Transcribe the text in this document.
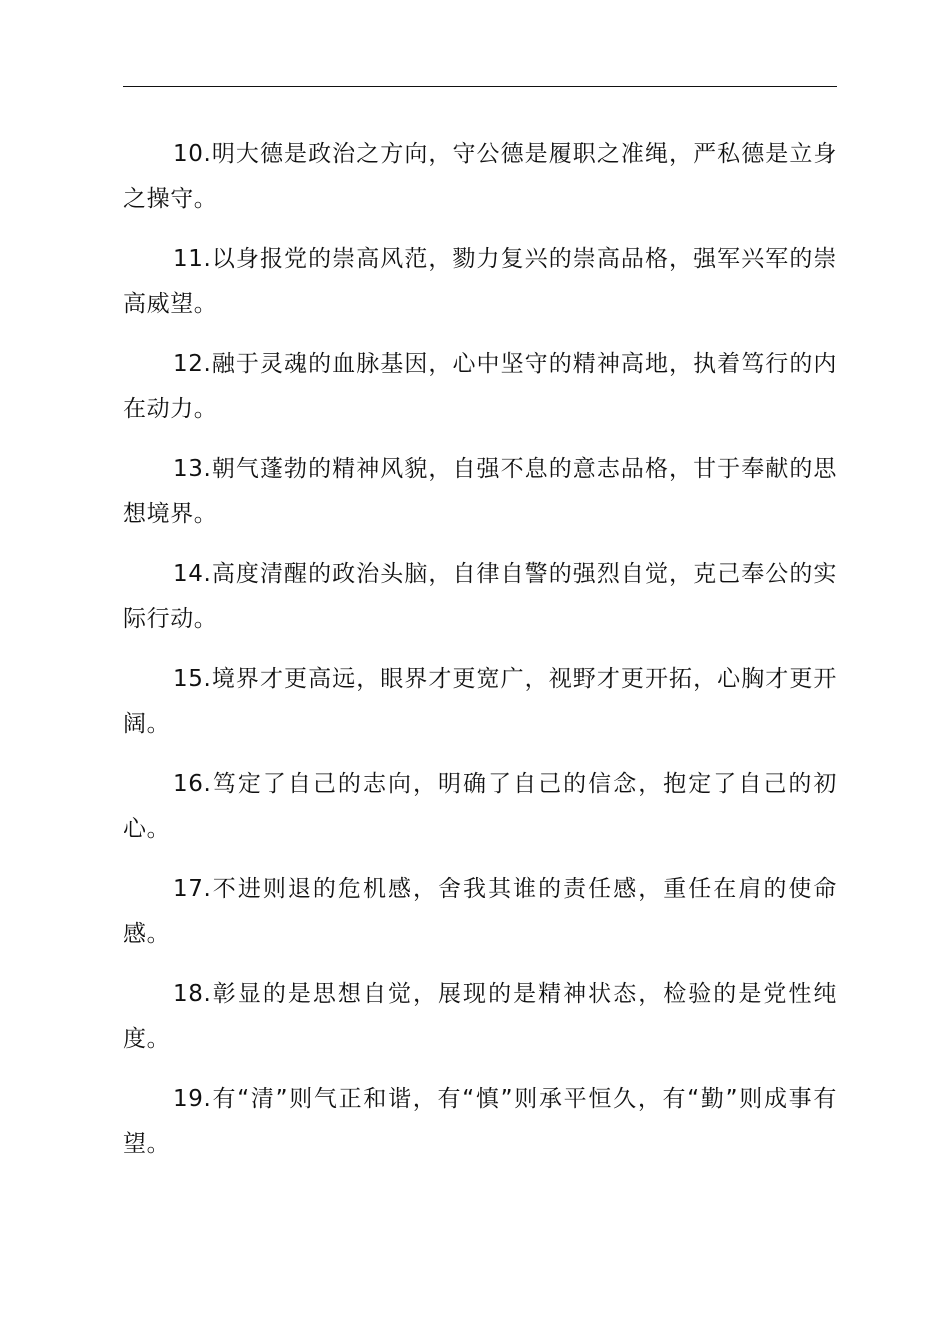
10.明大德是政治之方向，守公德是履职之准绳，严私德是立身之操守。

11.以身报党的崇高风范，勠力复兴的崇高品格，强军兴军的崇高威望。

12.融于灵魂的血脉基因，心中坚守的精神高地，执着笃行的内在动力。

13.朝气蓬勃的精神风貌，自强不息的意志品格，甘于奉献的思想境界。

14.高度清醒的政治头脑，自律自警的强烈自觉，克己奉公的实际行动。

15.境界才更高远，眼界才更宽广，视野才更开拓，心胸才更开阔。

16.笃定了自己的志向，明确了自己的信念，抱定了自己的初心。

17.不进则退的危机感，舍我其谁的责任感，重任在肩的使命感。

18.彰显的是思想自觉，展现的是精神状态，检验的是党性纯度。

19.有“清”则气正和谐，有“慎”则承平恒久，有“勤”则成事有望。
